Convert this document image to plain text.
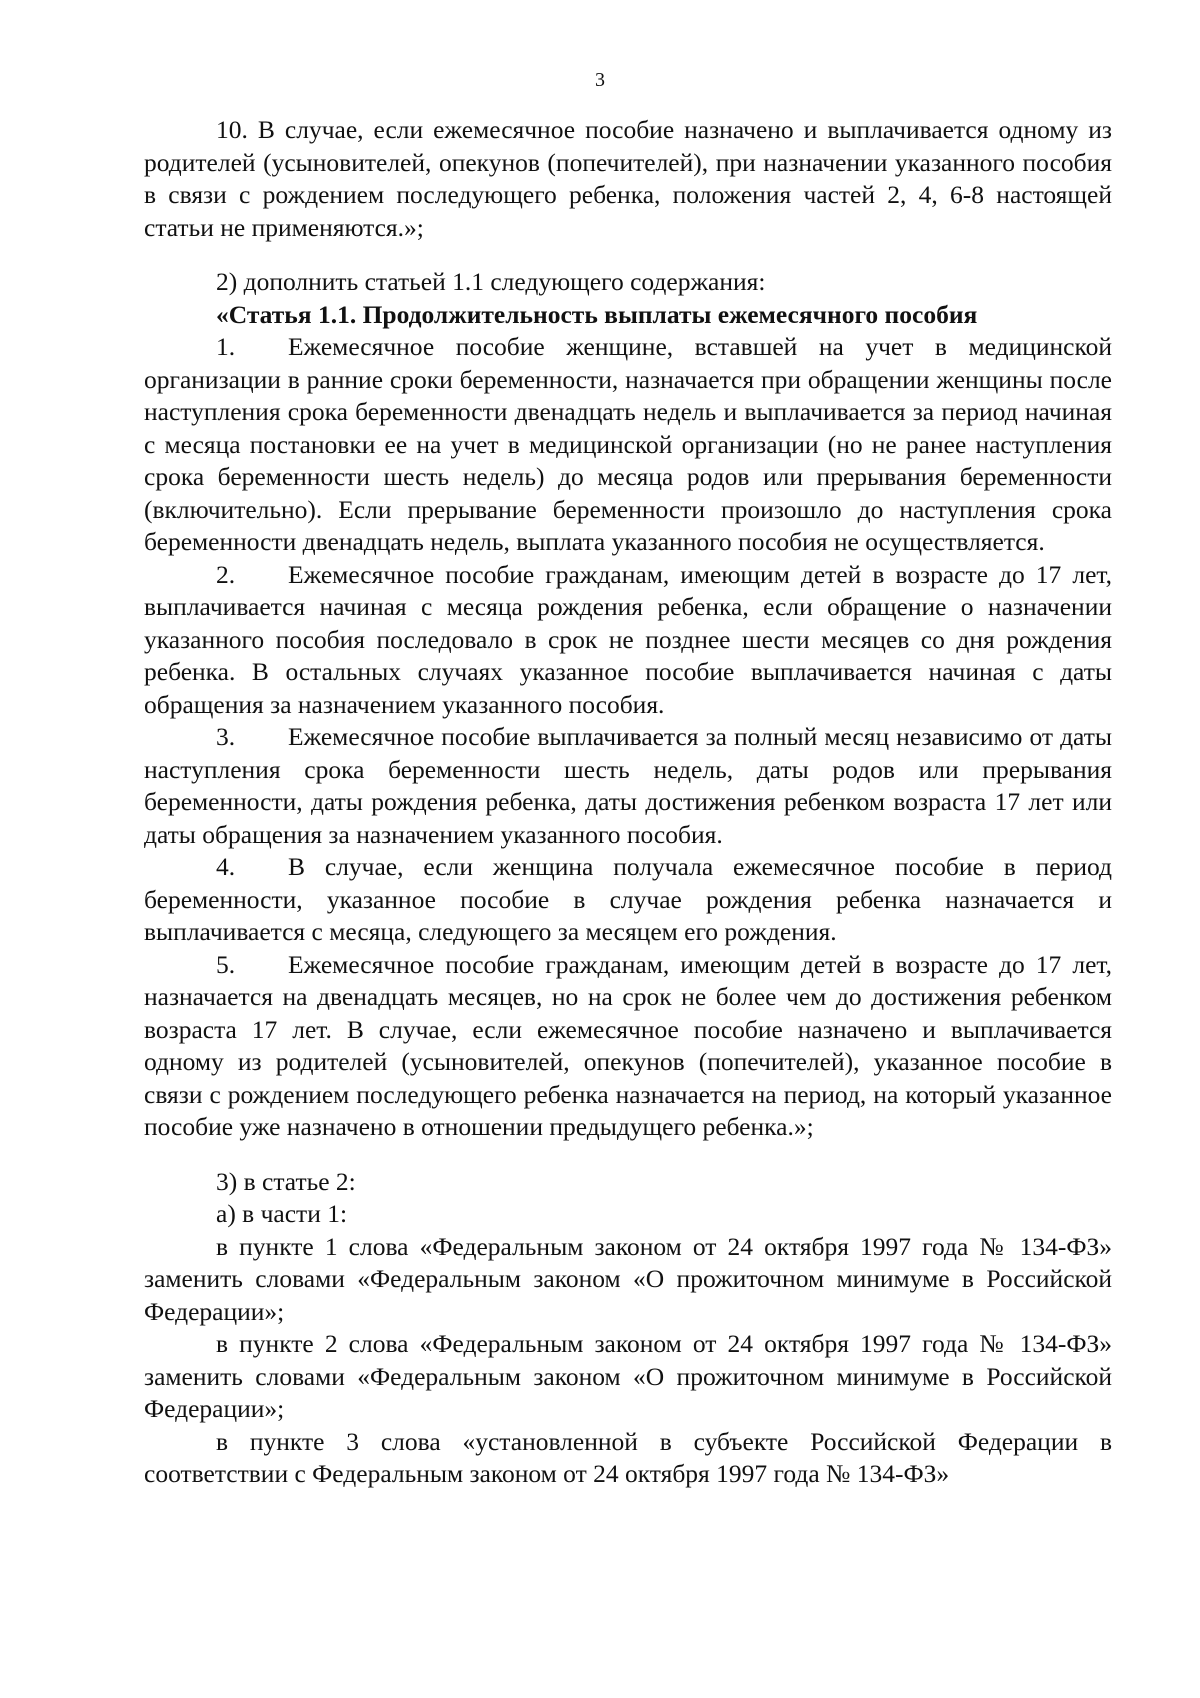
3

10. В случае, если ежемесячное пособие назначено и выплачивается одному из родителей (усыновителей, опекунов (попечителей), при назначении указанного пособия в связи с рождением последующего ребенка, положения частей 2, 4, 6-8 настоящей статьи не применяются.»;

2) дополнить статьей 1.1 следующего содержания:

«Статья 1.1. Продолжительность выплаты ежемесячного пособия

1. Ежемесячное пособие женщине, вставшей на учет в медицинской организации в ранние сроки беременности, назначается при обращении женщины после наступления срока беременности двенадцать недель и выплачивается за период начиная с месяца постановки ее на учет в медицинской организации (но не ранее наступления срока беременности шесть недель) до месяца родов или прерывания беременности (включительно). Если прерывание беременности произошло до наступления срока беременности двенадцать недель, выплата указанного пособия не осуществляется.

2. Ежемесячное пособие гражданам, имеющим детей в возрасте до 17 лет, выплачивается начиная с месяца рождения ребенка, если обращение о назначении указанного пособия последовало в срок не позднее шести месяцев со дня рождения ребенка. В остальных случаях указанное пособие выплачивается начиная с даты обращения за назначением указанного пособия.

3. Ежемесячное пособие выплачивается за полный месяц независимо от даты наступления срока беременности шесть недель, даты родов или прерывания беременности, даты рождения ребенка, даты достижения ребенком возраста 17 лет или даты обращения за назначением указанного пособия.

4. В случае, если женщина получала ежемесячное пособие в период беременности, указанное пособие в случае рождения ребенка назначается и выплачивается с месяца, следующего за месяцем его рождения.

5. Ежемесячное пособие гражданам, имеющим детей в возрасте до 17 лет, назначается на двенадцать месяцев, но на срок не более чем до достижения ребенком возраста 17 лет. В случае, если ежемесячное пособие назначено и выплачивается одному из родителей (усыновителей, опекунов (попечителей), указанное пособие в связи с рождением последующего ребенка назначается на период, на который указанное пособие уже назначено в отношении предыдущего ребенка.»;

3) в статье 2:

а) в части 1:

в пункте 1 слова «Федеральным законом от 24 октября 1997 года № 134-ФЗ» заменить словами «Федеральным законом «О прожиточном минимуме в Российской Федерации»;

в пункте 2 слова «Федеральным законом от 24 октября 1997 года № 134-ФЗ» заменить словами «Федеральным законом «О прожиточном минимуме в Российской Федерации»;

в пункте 3 слова «установленной в субъекте Российской Федерации в соответствии с Федеральным законом от 24 октября 1997 года № 134-ФЗ»
